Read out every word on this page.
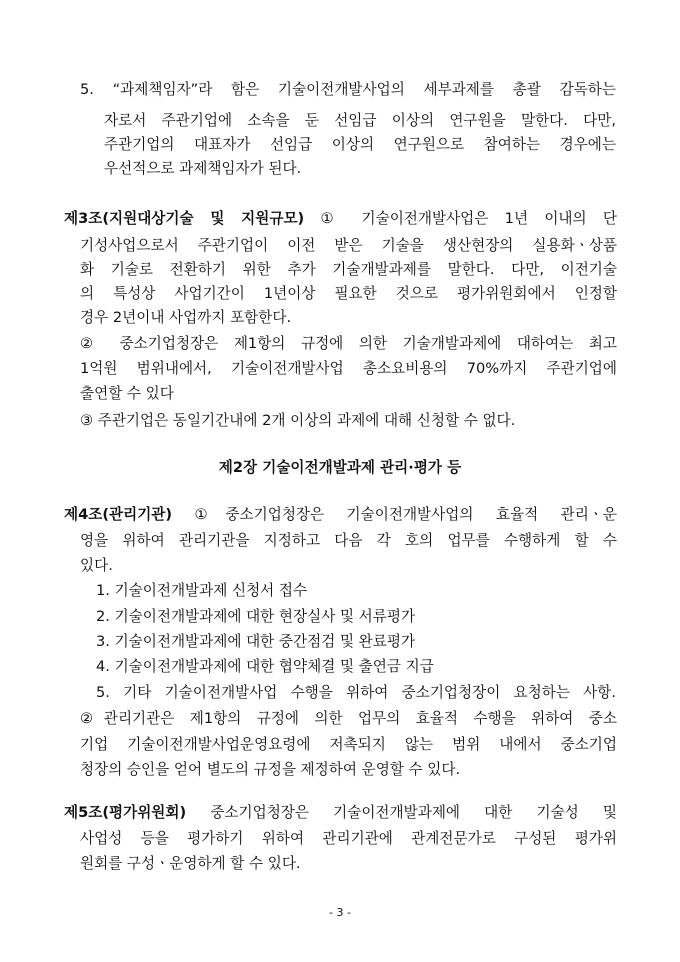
5. “과제책임자”라 함은 기술이전개발사업의 세부과제를 총괄 감독하는
자로서 주관기업에 소속을 둔 선임급 이상의 연구원을 말한다. 다만,
주관기업의 대표자가 선임급 이상의 연구원으로 참여하는 경우에는
우선적으로 과제책임자가 된다.
제3조(지원대상기술 및 지원규모) ① 기술이전개발사업은 1년 이내의 단
기성사업으로서 주관기업이 이전 받은 기술을 생산현장의 실용화ㆍ상품
화 기술로 전환하기 위한 추가 기술개발과제를 말한다. 다만, 이전기술
의 특성상 사업기간이 1년이상 필요한 것으로 평가위원회에서 인정할
경우 2년이내 사업까지 포함한다.
② 중소기업청장은 제1항의 규정에 의한 기술개발과제에 대하여는 최고
1억원 범위내에서, 기술이전개발사업 총소요비용의 70%까지 주관기업에
출연할 수 있다
③ 주관기업은 동일기간내에 2개 이상의 과제에 대해 신청할 수 없다.
제2장 기술이전개발과제 관리·평가 등
제4조(관리기관) ①중소기업청장은 기술이전개발사업의 효율적 관리ㆍ운
영을 위하여 관리기관을 지정하고 다음 각 호의 업무를 수행하게 할 수
있다.
1. 기술이전개발과제 신청서 접수
2. 기술이전개발과제에 대한 현장실사 및 서류평가
3. 기술이전개발과제에 대한 중간점검 및 완료평가
4. 기술이전개발과제에 대한 협약체결 및 출연금 지급
5. 기타 기술이전개발사업 수행을 위하여 중소기업청장이 요청하는 사항.
②관리기관은 제1항의 규정에 의한 업무의 효율적 수행을 위하여 중소
기업 기술이전개발사업운영요령에 저촉되지 않는 범위 내에서 중소기업
청장의 승인을 얻어 별도의 규정을 제정하여 운영할 수 있다.
제5조(평가위원회) 중소기업청장은 기술이전개발과제에 대한 기술성 및
사업성 등을 평가하기 위하여 관리기관에 관계전문가로 구성된 평가위
원회를 구성ㆍ운영하게 할 수 있다.
- 3 -
